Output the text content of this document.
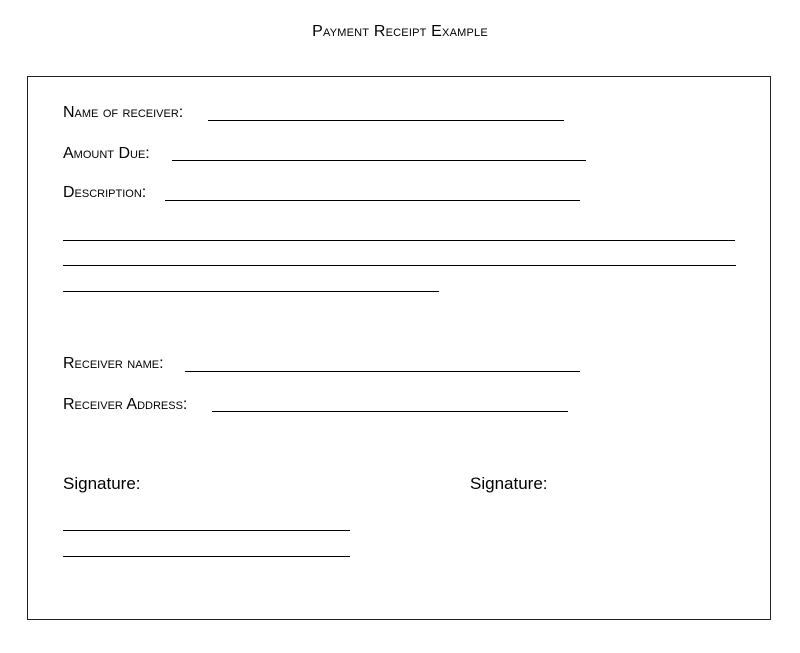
Payment Receipt Example
Name of receiver:
Amount Due:
Description:
Receiver name:
Receiver Address:
Signature:	Signature:
